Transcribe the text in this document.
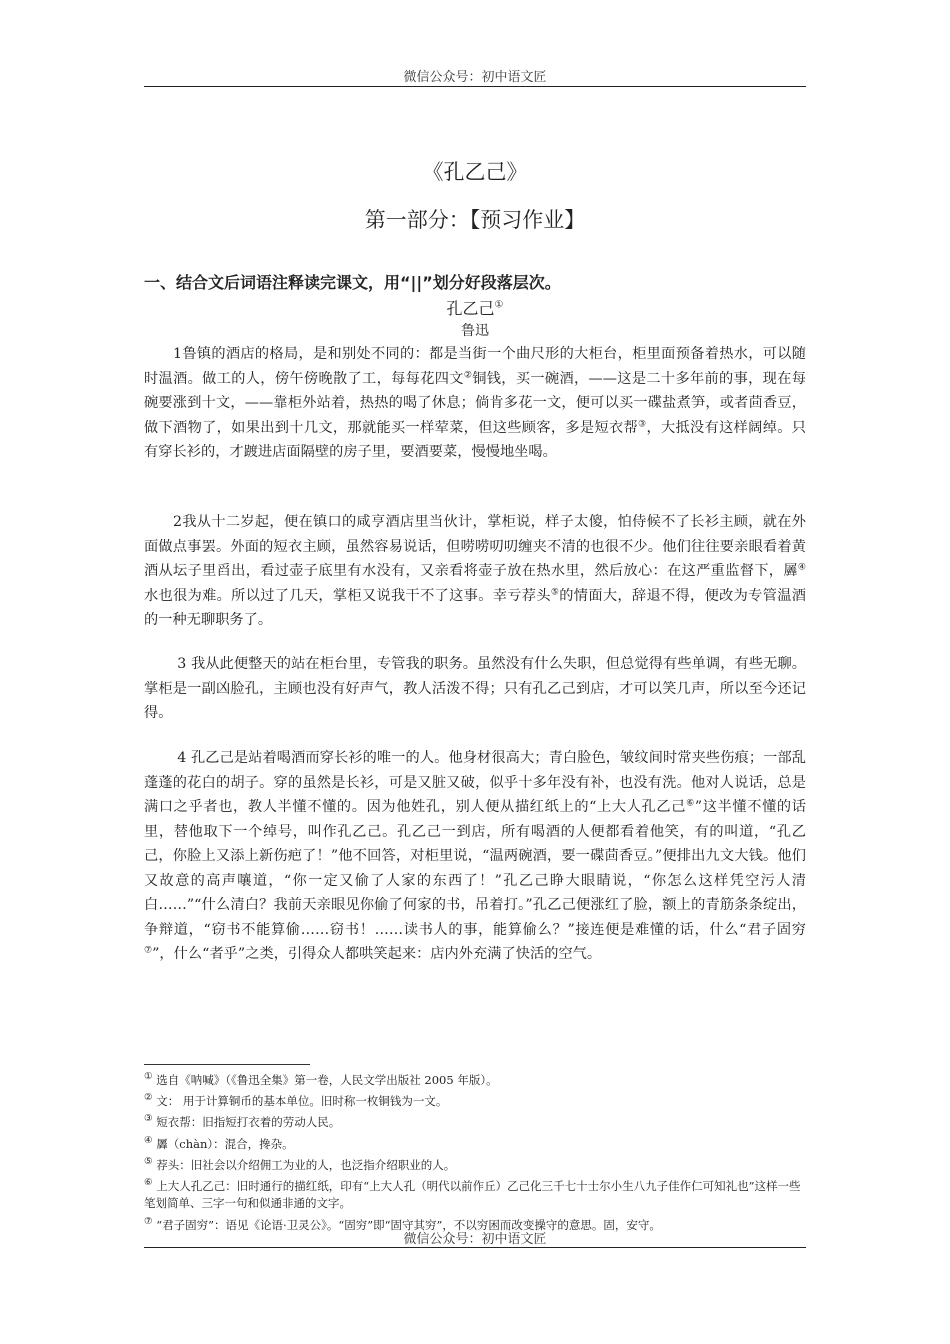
微信公众号：初中语文匠
《孔乙己》
第一部分：【预习作业】
一、结合文后词语注释读完课文，用“||”划分好段落层次。
孔乙己①
鲁迅
　　1鲁镇的酒店的格局，是和别处不同的：都是当街一个曲尺形的大柜台，柜里面预备着热水，可以随时温酒。做工的人，傍午傍晚散了工，每每花四文②铜钱，买一碗酒，——这是二十多年前的事，现在每碗要涨到十文，——靠柜外站着，热热的喝了休息；倘肯多花一文，便可以买一碟盐煮笋，或者茴香豆，做下酒物了，如果出到十几文，那就能买一样荤菜，但这些顾客，多是短衣帮③，大抵没有这样阔绰。只有穿长衫的，才踱进店面隔壁的房子里，要酒要菜，慢慢地坐喝。
　　2我从十二岁起，便在镇口的咸亨酒店里当伙计，掌柜说，样子太傻，怕侍候不了长衫主顾，就在外面做点事罢。外面的短衣主顾，虽然容易说话，但唠唠叨叨缠夹不清的也很不少。他们往往要亲眼看着黄酒从坛子里舀出，看过壶子底里有水没有，又亲看将壶子放在热水里，然后放心：在这严重监督下，羼④水也很为难。所以过了几天，掌柜又说我干不了这事。幸亏荐头⑤的情面大，辞退不得，便改为专管温酒的一种无聊职务了。
　　 3 我从此便整天的站在柜台里，专管我的职务。虽然没有什么失职，但总觉得有些单调，有些无聊。掌柜是一副凶脸孔，主顾也没有好声气，教人活泼不得；只有孔乙己到店，才可以笑几声，所以至今还记得。
　　 4 孔乙己是站着喝酒而穿长衫的唯一的人。他身材很高大；青白脸色，皱纹间时常夹些伤痕；一部乱蓬蓬的花白的胡子。穿的虽然是长衫，可是又脏又破，似乎十多年没有补，也没有洗。他对人说话，总是满口之乎者也，教人半懂不懂的。因为他姓孔，别人便从描红纸上的“上大人孔乙己⑥”这半懂不懂的话里，替他取下一个绰号，叫作孔乙己。孔乙己一到店，所有喝酒的人便都看着他笑，有的叫道，“孔乙己，你脸上又添上新伤疤了！”他不回答，对柜里说，“温两碗酒，要一碟茴香豆。”便排出九文大钱。他们又故意的高声嚷道，“你一定又偷了人家的东西了！”孔乙己睁大眼睛说，“你怎么这样凭空污人清白……”“什么清白？我前天亲眼见你偷了何家的书，吊着打。”孔乙己便涨红了脸，额上的青筋条条绽出，争辩道，“窃书不能算偷……窃书！……读书人的事，能算偷么？”接连便是难懂的话，什么“君子固穷⑦”，什么“者乎”之类，引得众人都哄笑起来：店内外充满了快活的空气。
① 选自《呐喊》（《鲁迅全集》第一卷，人民文学出版社 2005 年版）。
② 文： 用于计算铜币的基本单位。旧时称一枚铜钱为一文。
③ 短衣帮：旧指短打衣着的劳动人民。
④ 羼（chàn）：混合，搀杂。
⑤ 荐头：旧社会以介绍佣工为业的人，也泛指介绍职业的人。
⑥ 上大人孔乙己：旧时通行的描红纸，印有“上大人孔（明代以前作丘）乙己化三千七十士尔小生八九子佳作仁可知礼也”这样一些笔划简单、三字一句和似通非通的文字。
⑦ “君子固穷”：语见《论语·卫灵公》。“固穷”即“固守其穷”，不以穷困而改变操守的意思。固，安守。
微信公众号：初中语文匠
